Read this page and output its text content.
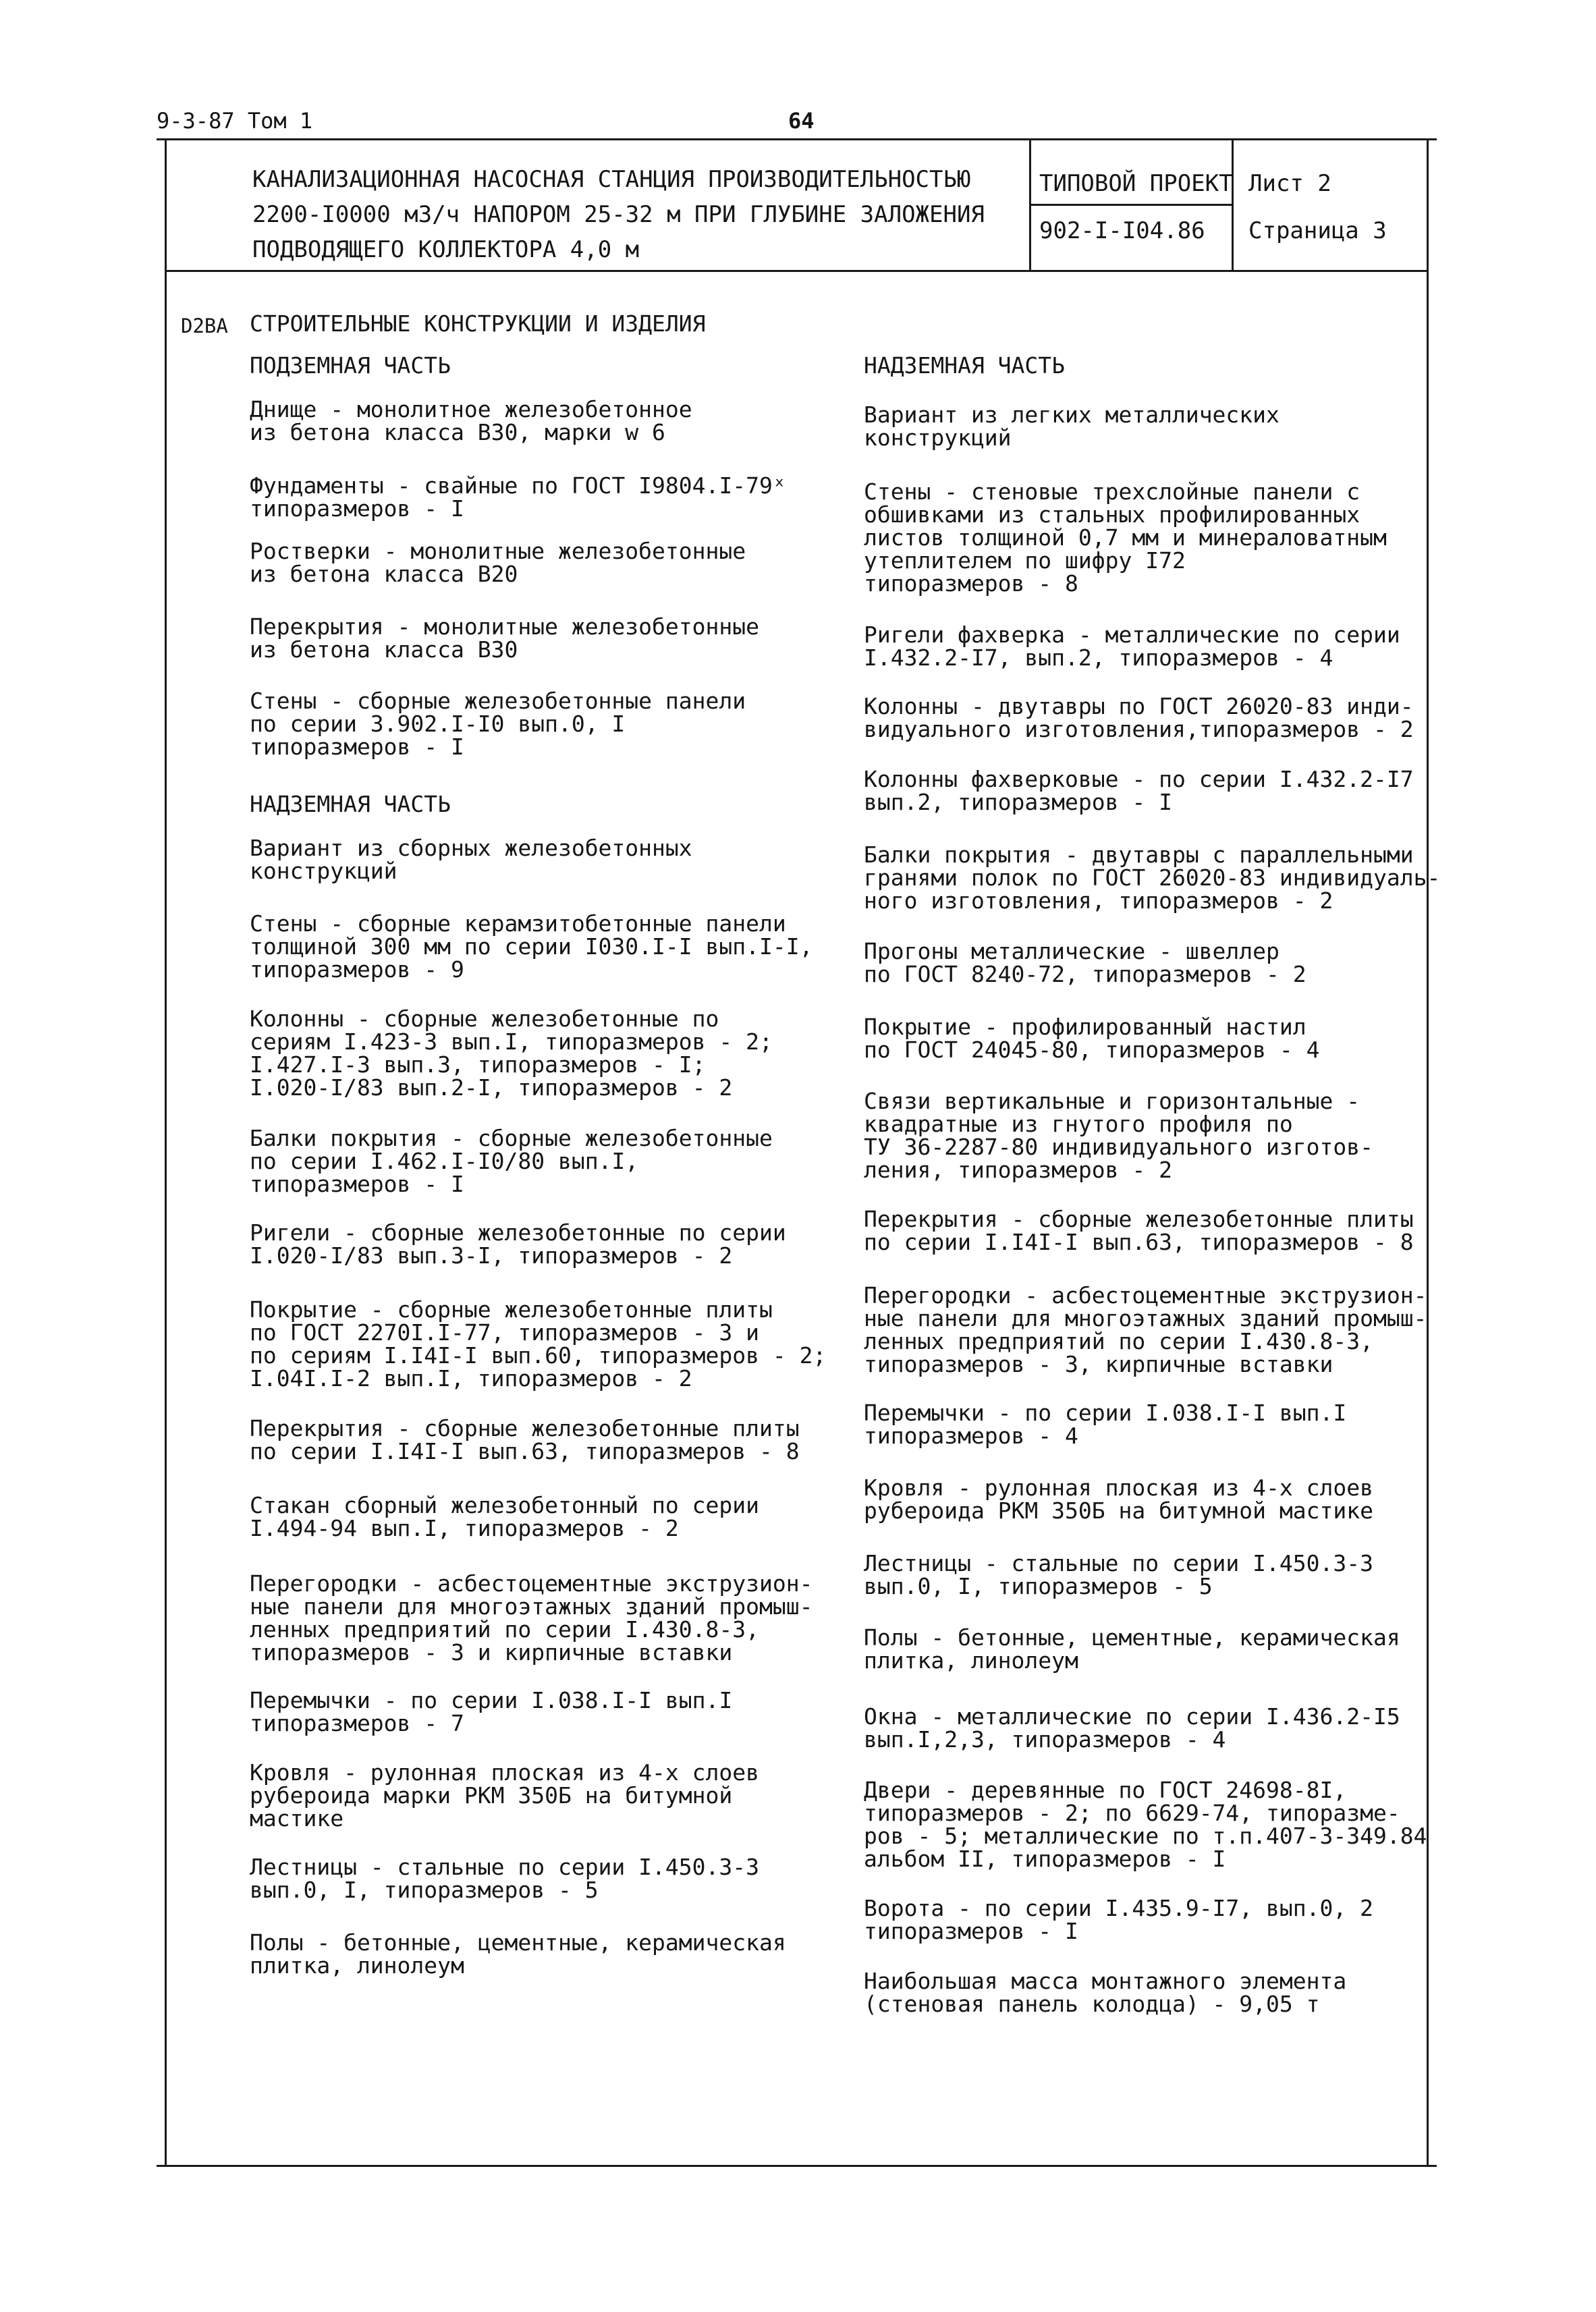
9-3-87 Том 1	64
КАНАЛИЗАЦИОННАЯ НАСОСНАЯ СТАНЦИЯ ПРОИЗВОДИТЕЛЬНОСТЬЮ
2200-I0000 м3/ч НАПОРОМ 25-32 м ПРИ ГЛУБИНЕ ЗАЛОЖЕНИЯ
ПОДВОДЯЩЕГО КОЛЛЕКТОРА 4,0 м
ТИПОВОЙ ПРОЕКТ
902-I-I04.86
Лист 2
Страница 3
D2BA СТРОИТЕЛЬНЫЕ КОНСТРУКЦИИ И ИЗДЕЛИЯ
ПОДЗЕМНАЯ ЧАСТЬ

Днище - монолитное железобетонное
из бетона класса В30, марки w 6

Фундаменты - свайные по ГОСТ I9804.I-79ˣ
типоразмеров - I

Ростверки - монолитные железобетонные
из бетона класса В20

Перекрытия - монолитные железобетонные
из бетона класса В30

Стены - сборные железобетонные панели
по серии 3.902.I-I0 вып.0, I
типоразмеров - I

НАДЗЕМНАЯ ЧАСТЬ

Вариант из сборных железобетонных
конструкций

Стены - сборные керамзитобетонные панели
толщиной 300 мм по серии I030.I-I вып.I-I,
типоразмеров - 9

Колонны - сборные железобетонные по
сериям I.423-3 вып.I, типоразмеров - 2;
I.427.I-3 вып.3, типоразмеров - I;
I.020-I/83 вып.2-I, типоразмеров - 2

Балки покрытия - сборные железобетонные
по серии I.462.I-I0/80 вып.I,
типоразмеров - I

Ригели - сборные железобетонные по серии
I.020-I/83 вып.3-I, типоразмеров - 2

Покрытие - сборные железобетонные плиты
по ГОСТ 2270I.I-77, типоразмеров - 3 и
по сериям I.I4I-I вып.60, типоразмеров - 2;
I.04I.I-2 вып.I, типоразмеров - 2

Перекрытия - сборные железобетонные плиты
по серии I.I4I-I вып.63, типоразмеров - 8

Стакан сборный железобетонный по серии
I.494-94 вып.I, типоразмеров - 2

Перегородки - асбестоцементные экструзион-
ные панели для многоэтажных зданий промыш-
ленных предприятий по серии I.430.8-3,
типоразмеров - 3 и кирпичные вставки

Перемычки - по серии I.038.I-I вып.I
типоразмеров - 7

Кровля - рулонная плоская из 4-х слоев
рубероида марки РКМ 350Б на битумной
мастике

Лестницы - стальные по серии I.450.3-3
вып.0, I, типоразмеров - 5

Полы - бетонные, цементные, керамическая
плитка, линолеум

НАДЗЕМНАЯ ЧАСТЬ

Вариант из легких металлических
конструкций

Стены - стеновые трехслойные панели с
обшивками из стальных профилированных
листов толщиной 0,7 мм и минераловатным
утеплителем по шифру I72
типоразмеров - 8

Ригели фахверка - металлические по серии
I.432.2-I7, вып.2, типоразмеров - 4

Колонны - двутавры по ГОСТ 26020-83 инди-
видуального изготовления,типоразмеров - 2

Колонны фахверковые - по серии I.432.2-I7
вып.2, типоразмеров - I

Балки покрытия - двутавры с параллельными
гранями полок по ГОСТ 26020-83 индивидуаль-
ного изготовления, типоразмеров - 2

Прогоны металлические - швеллер
по ГОСТ 8240-72, типоразмеров - 2

Покрытие - профилированный настил
по ГОСТ 24045-80, типоразмеров - 4

Связи вертикальные и горизонтальные -
квадратные из гнутого профиля по
ТУ 36-2287-80 индивидуального изготов-
ления, типоразмеров - 2

Перекрытия - сборные железобетонные плиты
по серии I.I4I-I вып.63, типоразмеров - 8

Перегородки - асбестоцементные экструзион-
ные панели для многоэтажных зданий промыш-
ленных предприятий по серии I.430.8-3,
типоразмеров - 3, кирпичные вставки

Перемычки - по серии I.038.I-I вып.I
типоразмеров - 4

Кровля - рулонная плоская из 4-х слоев
рубероида РКМ 350Б на битумной мастике

Лестницы - стальные по серии I.450.3-3
вып.0, I, типоразмеров - 5

Полы - бетонные, цементные, керамическая
плитка, линолеум

Окна - металлические по серии I.436.2-I5
вып.I,2,3, типоразмеров - 4

Двери - деревянные по ГОСТ 24698-8I,
типоразмеров - 2; по 6629-74, типоразме-
ров - 5; металлические по т.п.407-3-349.84
альбом II, типоразмеров - I

Ворота - по серии I.435.9-I7, вып.0, 2
типоразмеров - I

Наибольшая масса монтажного элемента
(стеновая панель колодца) - 9,05 т
